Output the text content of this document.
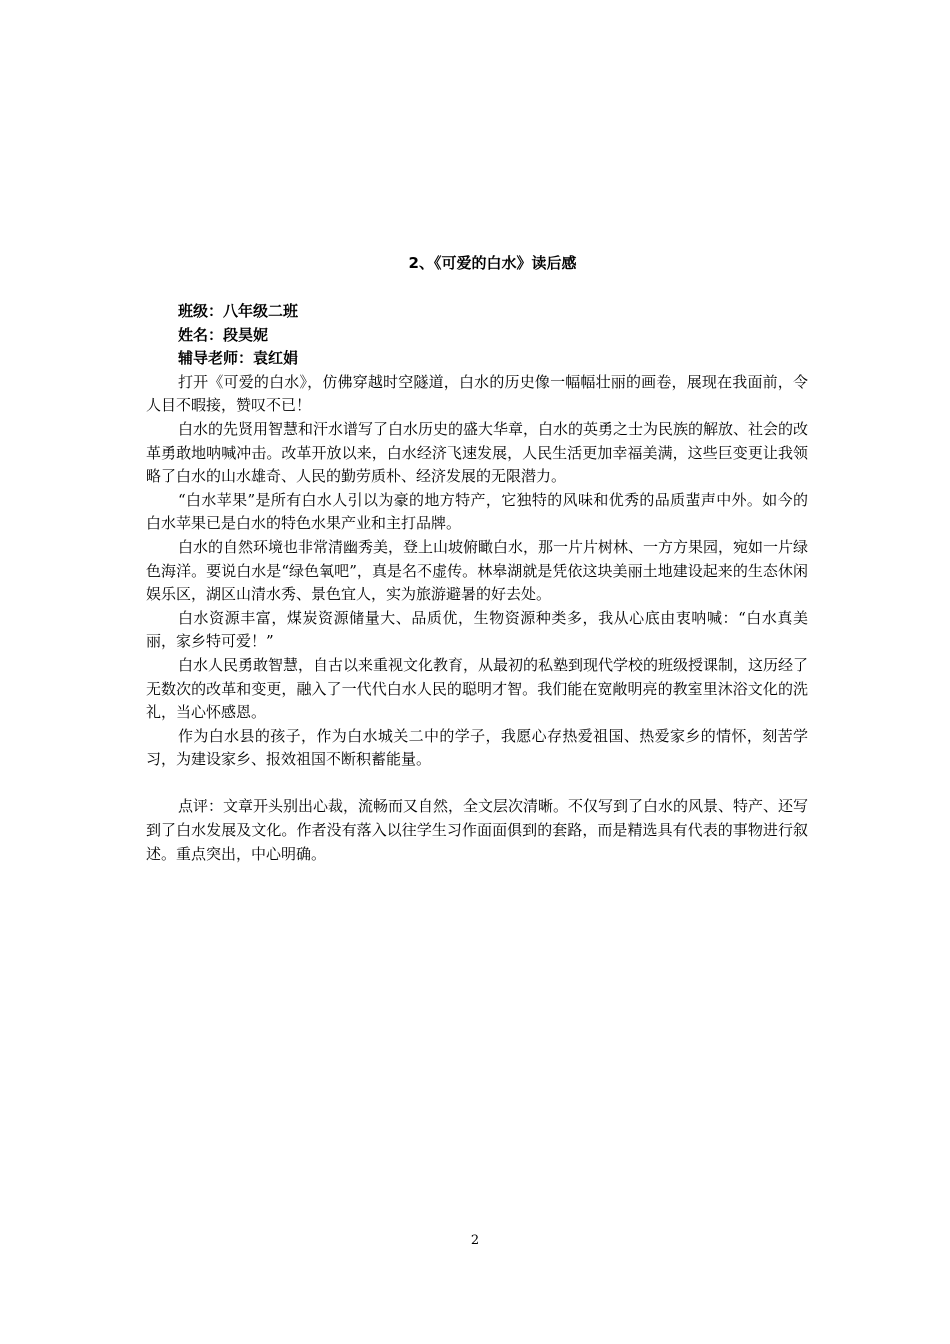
2、《可爱的白水》读后感

班级：八年级二班

姓名：段昊妮

辅导老师：袁红娟

打开《可爱的白水》，仿佛穿越时空隧道，白水的历史像一幅幅壮丽的画卷，展现在我面前，令人目不暇接，赞叹不已！

白水的先贤用智慧和汗水谱写了白水历史的盛大华章，白水的英勇之士为民族的解放、社会的改革勇敢地呐喊冲击。改革开放以来，白水经济飞速发展，人民生活更加幸福美满，这些巨变更让我领略了白水的山水雄奇、人民的勤劳质朴、经济发展的无限潜力。

“白水苹果”是所有白水人引以为豪的地方特产，它独特的风味和优秀的品质蜚声中外。如今的白水苹果已是白水的特色水果产业和主打品牌。

白水的自然环境也非常清幽秀美，登上山坡俯瞰白水，那一片片树林、一方方果园，宛如一片绿色海洋。要说白水是“绿色氧吧”，真是名不虚传。林皋湖就是凭依这块美丽土地建设起来的生态休闲娱乐区，湖区山清水秀、景色宜人，实为旅游避暑的好去处。

白水资源丰富，煤炭资源储量大、品质优，生物资源种类多，我从心底由衷呐喊：“白水真美丽，家乡特可爱！”

白水人民勇敢智慧，自古以来重视文化教育，从最初的私塾到现代学校的班级授课制，这历经了无数次的改革和变更，融入了一代代白水人民的聪明才智。我们能在宽敞明亮的教室里沐浴文化的洗礼，当心怀感恩。

作为白水县的孩子，作为白水城关二中的学子，我愿心存热爱祖国、热爱家乡的情怀，刻苦学习，为建设家乡、报效祖国不断积蓄能量。

点评：文章开头别出心裁，流畅而又自然，全文层次清晰。不仅写到了白水的风景、特产、还写到了白水发展及文化。作者没有落入以往学生习作面面俱到的套路，而是精选具有代表的事物进行叙述。重点突出，中心明确。

2
